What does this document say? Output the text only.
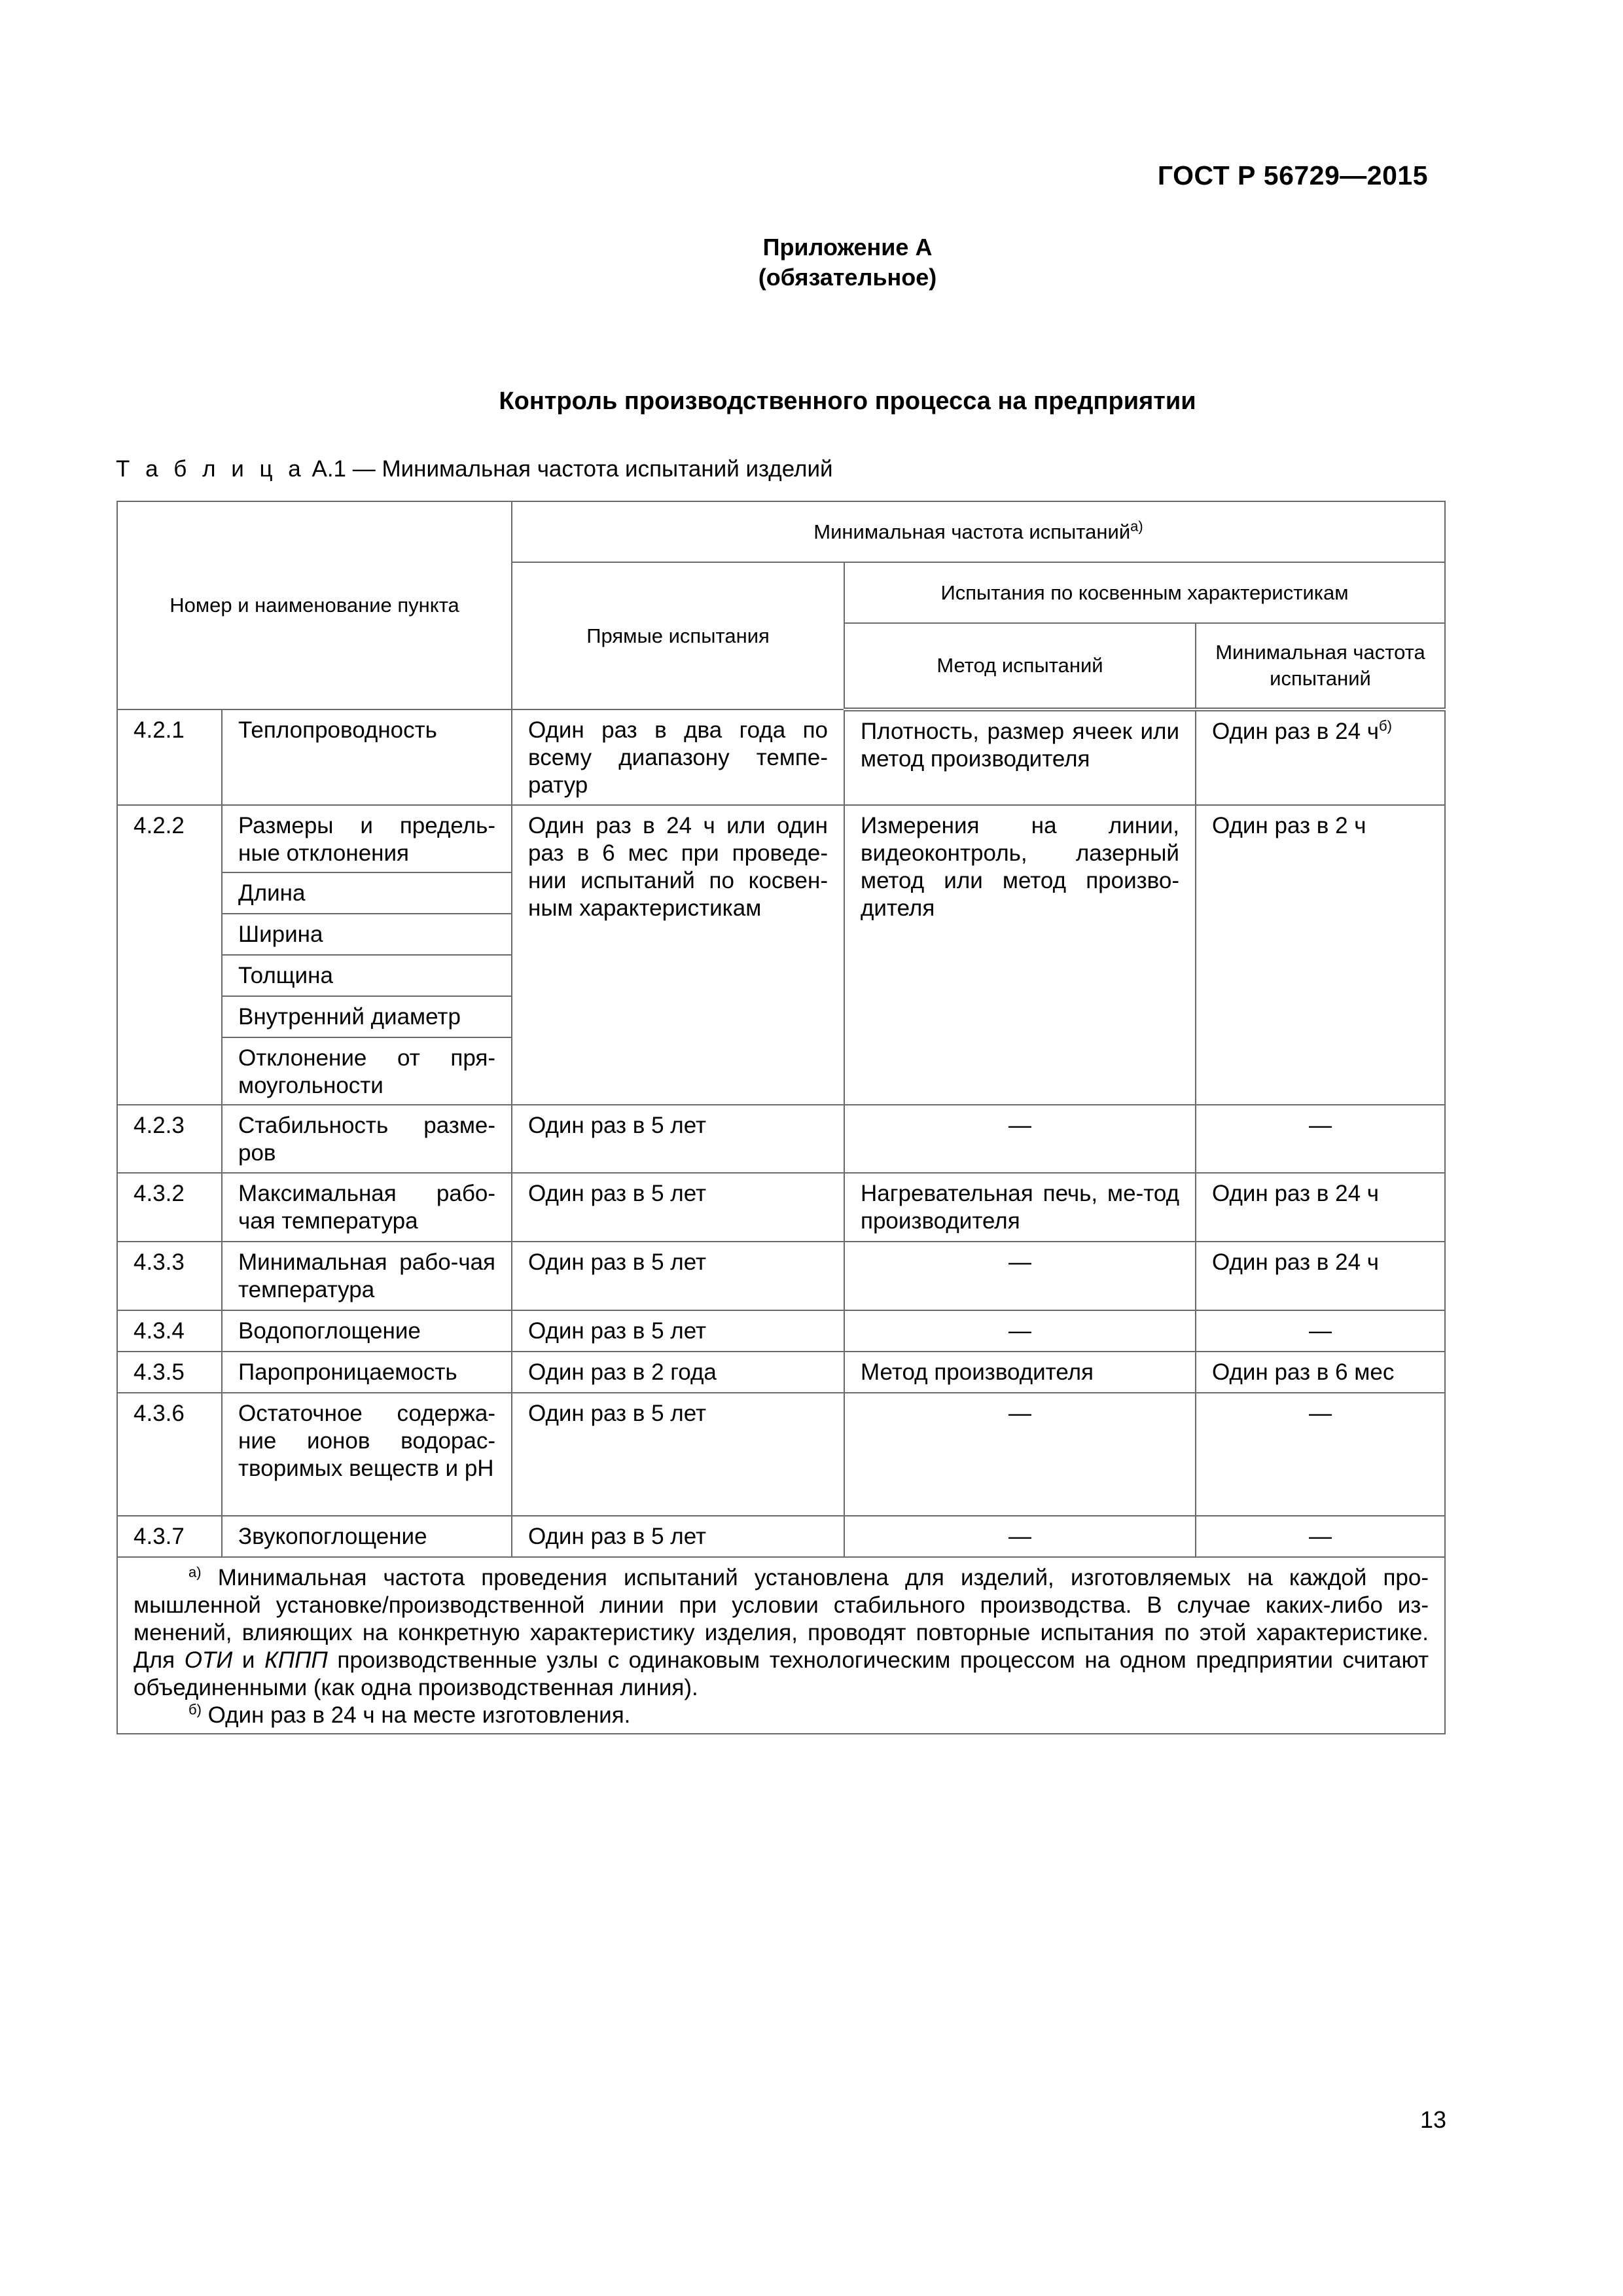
ГОСТ Р 56729—2015
Приложение А
(обязательное)
Контроль производственного процесса на предприятии
Т а б л и ц а А.1 — Минимальная частота испытаний изделий
Номер и наименование пункта		Минимальная частота испытаний$^{а)}$
		Прямые испытания	Испытания по косвенным характеристикам	
			Метод испытаний	Минимальная частота испытаний
4.2.1	Теплопроводность	Один раз в два года по всему диапазону темпе-ратур	Плотность, размер ячеек или метод производителя	Один раз в 24 $ч^{б)}$
4.2.2	Размеры и предель-ные отклонения	Один раз в 24 ч или один раз в 6 мес при проведе-нии испытаний по косвен-ным характеристикам	Измерения на линии, видеоконтроль, лазерный метод или метод произво-дителя	Один раз в 2 ч
	Длина			
	Ширина			
	Толщина			
	Внутренний диаметр			
	Отклонение от пря-моугольности			
4.2.3	Стабильность разме-ров	Один раз в 5 лет	—	—
4.3.2	Максимальная рабо-чая температура	Один раз в 5 лет	Нагревательная печь, ме-тод производителя	Один раз в 24 ч
4.3.3	Минимальная рабо-чая температура	Один раз в 5 лет	—	Один раз в 24 ч
4.3.4	Водопоглощение	Один раз в 5 лет	—	—
4.3.5	Паропроницаемость	Один раз в 2 года	Метод производителя	Один раз в 6 мес
4.3.6	Остаточное содержа-ние ионов водорас-творимых веществ и pH	Один раз в 5 лет	—	—
4.3.7	Звукопоглощение	Один раз в 5 лет	—	—

$^{а)}$ Минимальная частота проведения испытаний установлена для изделий, изготовляемых на каждой про-мышленной установке/производственной линии при условии стабильного производства. В случае каких-либо из-менений, влияющих на конкретную характеристику изделия, проводят повторные испытания по этой характеристике. Для ОТИ и КППП производственные узлы с одинаковым технологическим процессом на одном предприятии считают объединенными (как одна производственная линия).

$^{б)}$ Один раз в 24 ч на месте изготовления.				

13
